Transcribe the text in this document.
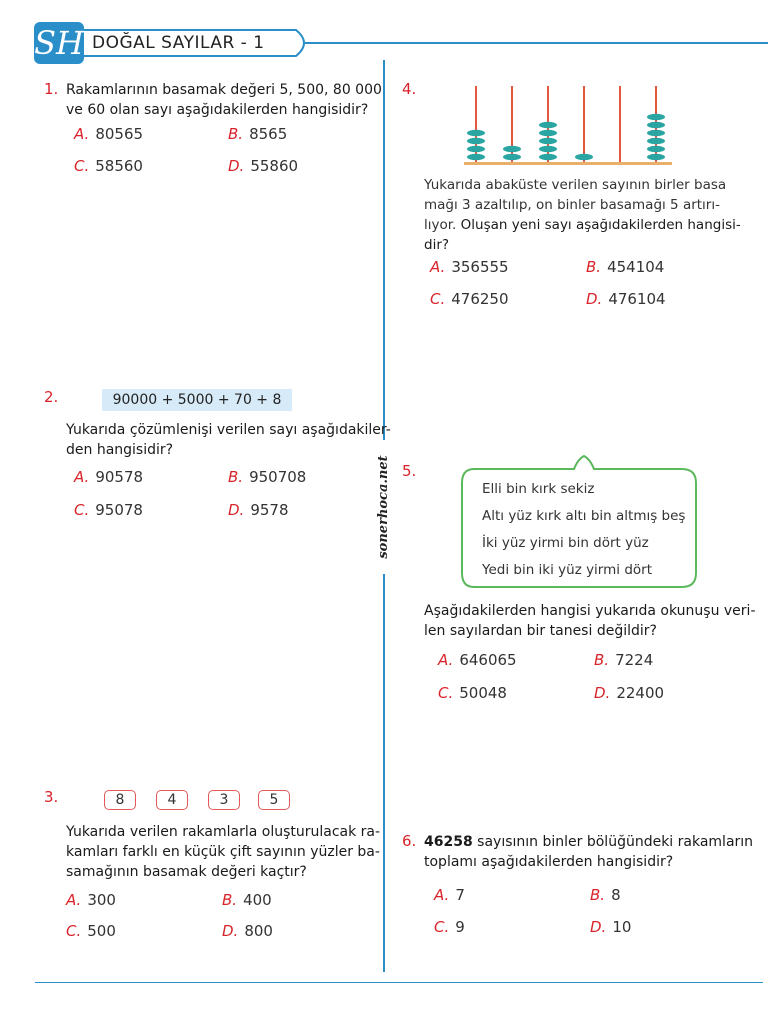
SH DOĞAL SAYILAR - 1
sonerhoca.net
1. Rakamlarının basamak değeri 5, 500, 80 000
ve 60 olan sayı aşağıdakilerden hangisidir?
A. 80565	B. 8565
C. 58560	D. 55860
2.	90000 + 5000 + 70 + 8
Yukarıda çözümlenişi verilen sayı aşağıdakiler-
den hangisidir?
A. 90578	B. 950708
C. 95078	D. 9578
3.	8	4	3	5
Yukarıda verilen rakamlarla oluşturulacak ra-
kamları farklı en küçük çift sayının yüzler ba-
samağının basamak değeri kaçtır?
A. 300	B. 400
C. 500	D. 800
4.
Yukarıda abaküste verilen sayının birler basa
mağı 3 azaltılıp, on binler basamağı 5 artırı-
lıyor. Oluşan yeni sayı aşağıdakilerden hangisi-
dir?
A. 356555	B. 454104
C. 476250	D. 476104
5.
Elli bin kırk sekiz
Altı yüz kırk altı bin altmış beş
İki yüz yirmi bin dört yüz
Yedi bin iki yüz yirmi dört
Aşağıdakilerden hangisi yukarıda okunuşu veri-
len sayılardan bir tanesi değildir?
A. 646065	B. 7224
C. 50048	D. 22400
6. 46258 sayısının binler bölüğündeki rakamların
toplamı aşağıdakilerden hangisidir?
A. 7	B. 8
C. 9	D. 10
